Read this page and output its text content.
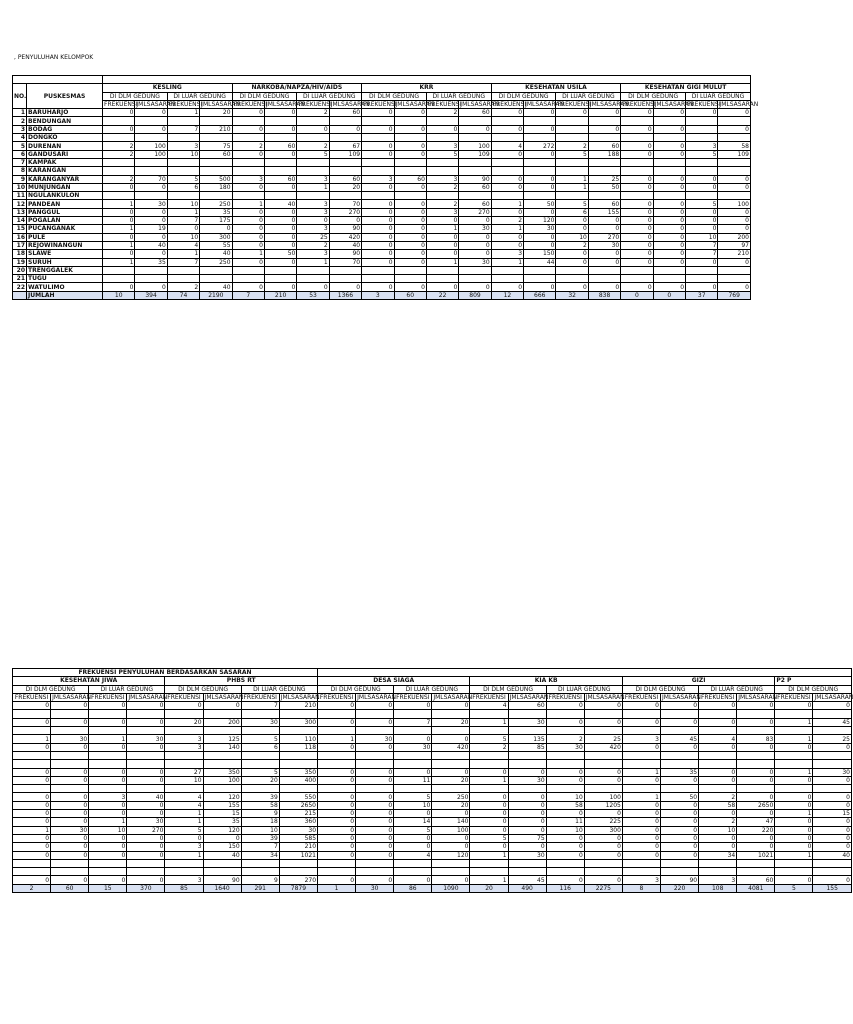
, PENYULUHAN KELOMPOK

NO.	PUSKESMAS	KESLING				NARKOBA/NAPZA/HIV/AIDS				KRR				KESEHATAN USILA				KESEHATAN GIGI MULUT			
		DI DLM GEDUNG		DI LUAR GEDUNG		DI DLM GEDUNG		DI LUAR GEDUNG		DI DLM GEDUNG		DI LUAR GEDUNG		DI DLM GEDUNG		DI LUAR GEDUNG		DI DLM GEDUNG		DI LUAR GEDUNG	
		FREKUENSI	JMLSASARAN	FREKUENSI	JMLSASARAN	FREKUENSI	JMLSASARAN	FREKUENSI	JMLSASARAN	FREKUENSI	JMLSASARAN	FREKUENSI	JMLSASARAN	FREKUENSI	JMLSASARAN	FREKUENSI	JMLSASARAN	FREKUENSI	JMLSASARAN	FREKUENSI	JMLSASARAN
1	BARUHARJO	0	0	1	20	0	0	2	60	0	0	2	60	0	0	0	0	0	0	0	0
2	BENDUNGAN																				
3	BODAG	0	0	7	210	0	0	0	0	0	0	0	0	0	0		0	0	0		0
4	DONGKO																				
5	DURENAN	2	100	3	75	2	60	2	67	0	0	3	100	4	272	2	60	0	0	3	58
6	GANDUSARI	2	100	10	60	0	0	5	109	0	0	5	109	0	0	5	188	0	0	5	109
7	KAMPAK																				
8	KARANGAN																				
9	KARANGANYAR	2	70	5	500	3	60	3	60	3	60	3	90	0	0	1	25	0	0	0	0
10	MUNJUNGAN	0	0	6	180	0	0	1	20	0	0	2	60	0	0	1	50	0	0	0	0
11	NGULANKULON																				
12	PANDEAN	1	30	10	250	1	40	3	70	0	0	2	60	1	50	5	60	0	0	5	100
13	PANGGUL	0	0	1	35	0	0	3	270	0	0	3	270	0	0	6	155	0	0	0	0
14	POGALAN	0	0	7	175	0	0	0	0	0	0	0	0	2	120	0	0	0	0	0	0
15	PUCANGANAK	1	19	0	0	0	0	3	90	0	0	1	30	1	30	0	0	0	0	0	0
16	PULE	0	0	10	300	0	0	25	420	0	0	0	0	0	0	10	270	0	0	10	200
17	REJOWINANGUN	1	40	4	55	0	0	2	40	0	0	0	0	0	0	2	30	0	0	7	97
18	SLAWE	0	0	1	40	1	50	3	90	0	0	0	0	3	150	0	0	0	0	7	210
19	SURUH	1	35	7	250	0	0	1	70	0	0	1	30	1	44	0	0	0	0	0	0
20	TRENGGALEK																				
21	TUGU																				
22	WATULIMO	0	0	2	40	0	0	0	0	0	0	0	0	0	0	0	0	0	0	0	0
	JUMLAH	10	394	74	2190	7	210	53	1366	3	60	22	809	12	666	32	838	0	0	37	769
FREKUENSI PENYULUHAN BERDASARKAN SASARAN																					
KESEHATAN JIWA				PHBS RT				DESA SIAGA				KIA KB				GIZI				P2 P	
DI DLM GEDUNG		DI LUAR GEDUNG		DI DLM GEDUNG		DI LUAR GEDUNG		DI DLM GEDUNG		DI LUAR GEDUNG		DI DLM GEDUNG		DI LUAR GEDUNG		DI DLM GEDUNG		DI LUAR GEDUNG		DI DLM GEDUNG	
FREKUENSI	JMLSASARAN	FREKUENSI	JMLSASARAN	FREKUENSI	JMLSASARAN	FREKUENSI	JMLSASARAN	FREKUENSI	JMLSASARAN	FREKUENSI	JMLSASARAN	FREKUENSI	JMLSASARAN	FREKUENSI	JMLSASARAN	FREKUENSI	JMLSASARAN	FREKUENSI	JMLSASARAN	FREKUENSI	JMLSASARAN
0	0	0	0	0	0	7	210	0	0	0	0	4	60	0	0	0	0	0	0	0	0

0	0	0	0	20	200	30	300	0	0	7	20	1	30	0	0	0	0	0	0	1	45

1	30	1	30	3	125	5	110	1	30	0	0	5	135	2	25	3	45	4	83	1	25
0	0	0	0	3	140	6	118	0	0	30	420	2	85	30	420	0	0	0	0	0	0

0	0	0	0	27	350	5	350	0	0	0	0	0	0	0	0	1	35	0	0	1	30
0	0	0	0	10	100	20	400	0	0	11	20	1	30	0	0	0	0	0	0	0	0

0	0	3	40	4	120	39	550	0	0	5	250	0	0	10	100	1	50	2	0	0	0
0	0	0	0	4	155	58	2650	0	0	10	20	0	0	58	1205	0	0	58	2650	0	0
0	0	0	0	1	15	9	215	0	0	0	0	0	0	0	0	0	0	0	0	1	15
0	0	1	30	1	35	18	360	0	0	14	140	0	0	11	225	0	0	2	47	0	0
1	30	10	270	5	120	10	30	0	0	5	100	0	0	10	300	0	0	10	220	0	0
0	0	0	0	0	0	39	585	0	0	0	0	5	75	0	0	0	0	0	0	0	0
0	0	0	0	3	150	7	210	0	0	0	0	0	0	0	0	0	0	0	0	0	0
0	0	0	0	1	40	34	1021	0	0	4	120	1	30	0	0	0	0	34	1021	1	40

0	0	0	0	3	90	9	270	0	0	0	0	1	45	0	0	3	90	3	60	0	0
2	60	15	370	85	1640	291	7879	1	30	86	1090	20	490	116	2275	8	220	108	4081	5	155
